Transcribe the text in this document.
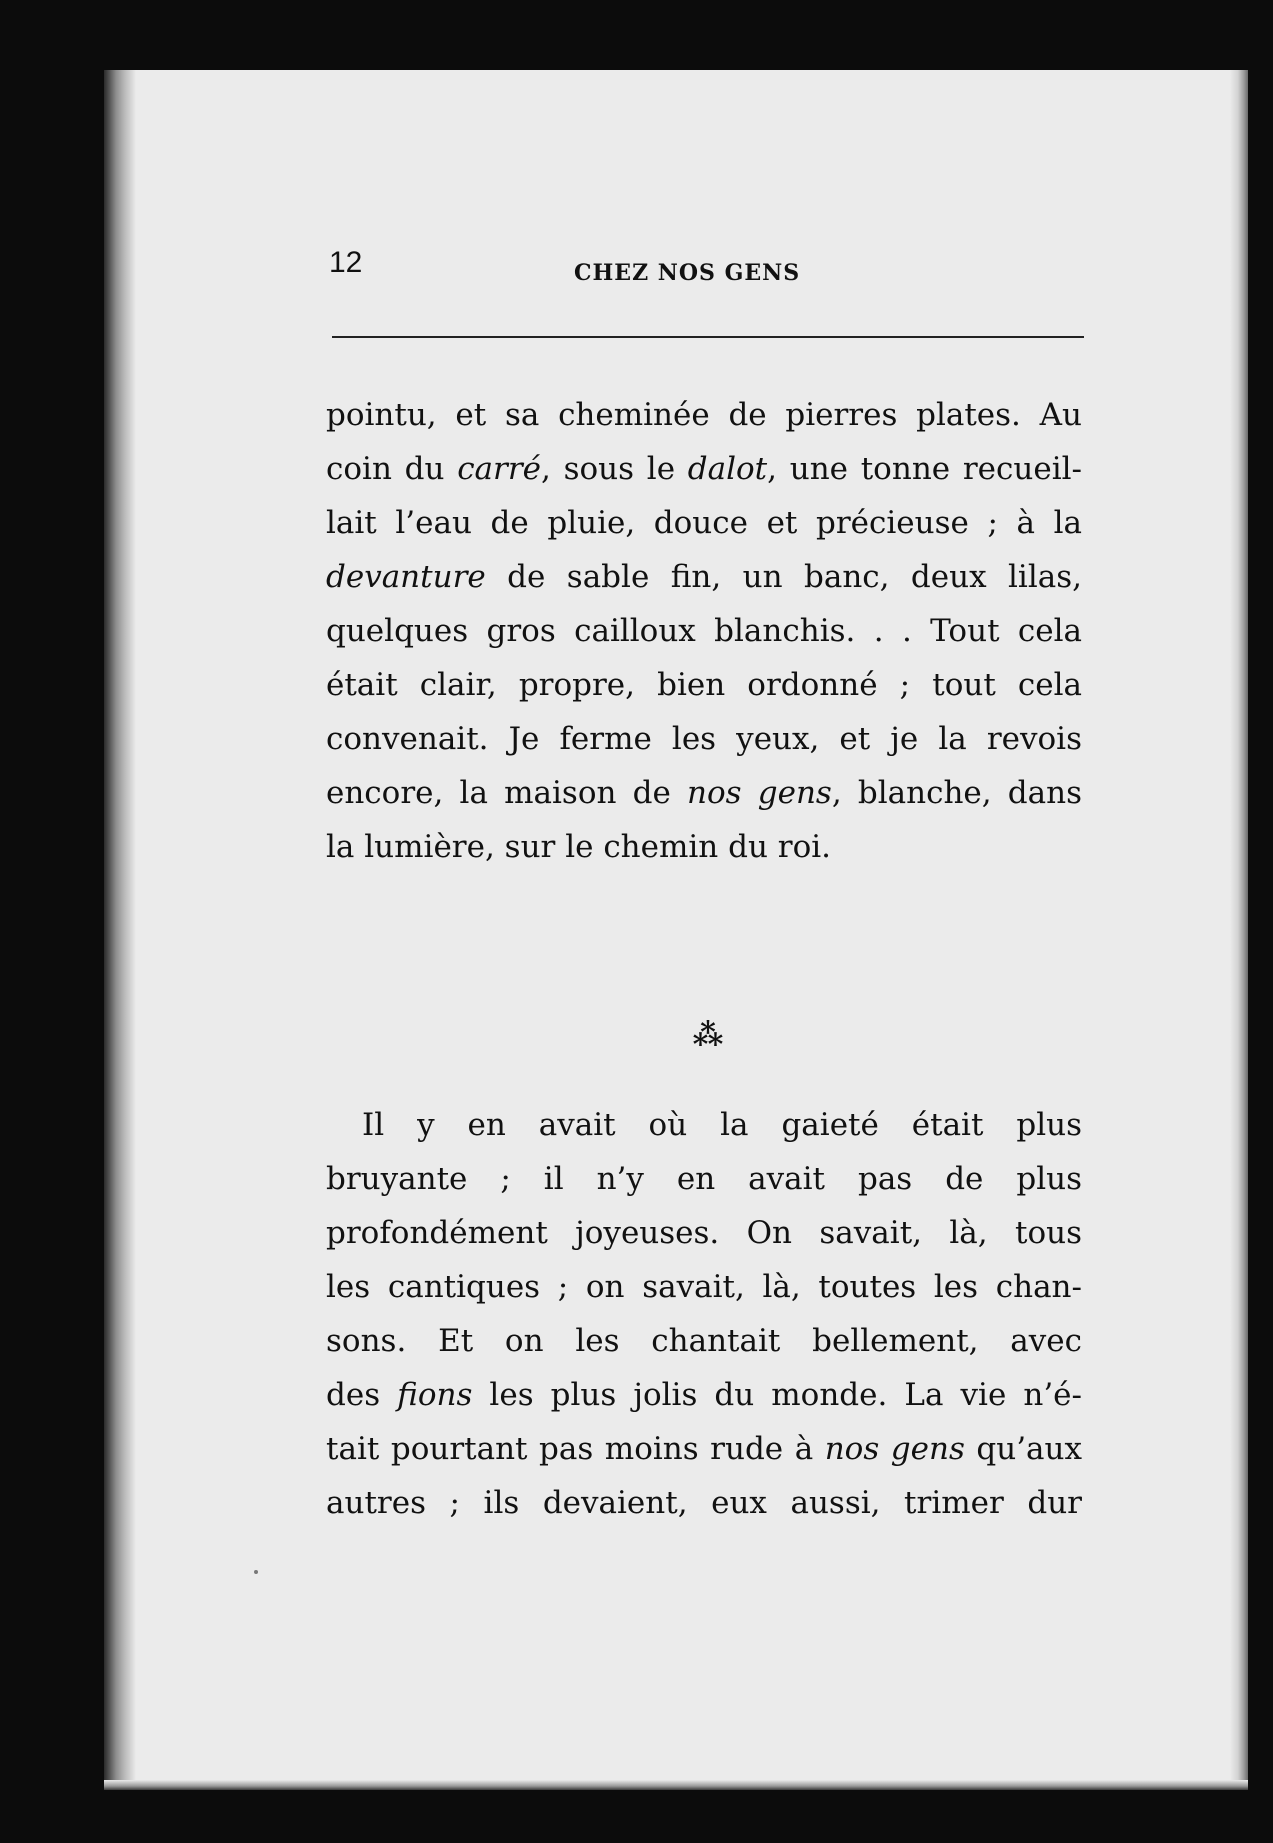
12	CHEZ NOS GENS
pointu, et sa cheminée de pierres plates. Au
coin du carré, sous le dalot, une tonne recueil-
lait l’eau de pluie, douce et précieuse ; à la
devanture de sable fin, un banc, deux lilas,
quelques gros cailloux blanchis. . . Tout cela
était clair, propre, bien ordonné ; tout cela
convenait. Je ferme les yeux, et je la revois
encore, la maison de nos gens, blanche, dans
la lumière, sur le chemin du roi.
⁂
Il y en avait où la gaieté était plus
bruyante ; il n’y en avait pas de plus
profondément joyeuses. On savait, là, tous
les cantiques ; on savait, là, toutes les chan-
sons. Et on les chantait bellement, avec
des fions les plus jolis du monde. La vie n’é-
tait pourtant pas moins rude à nos gens qu’aux
autres ; ils devaient, eux aussi, trimer dur
